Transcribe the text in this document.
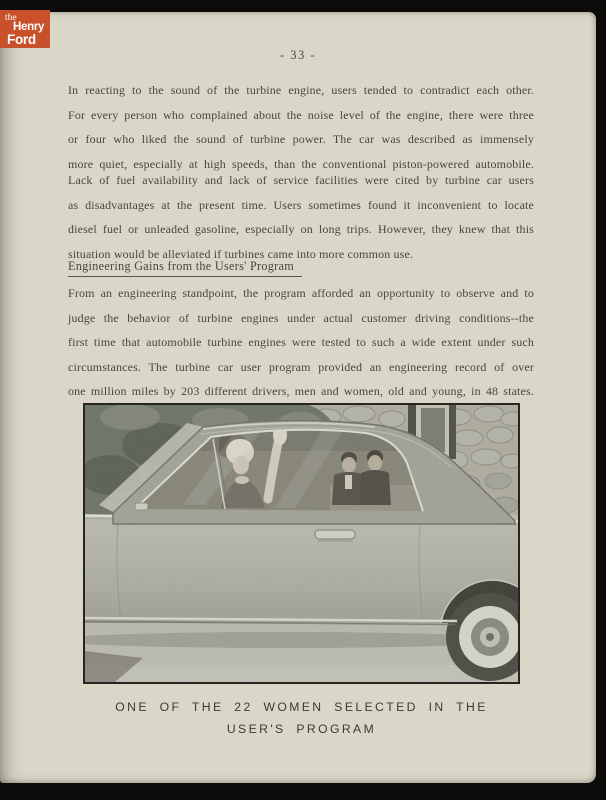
- 33 -
In reacting to the sound of the turbine engine, users tended to contradict each other.
For every person who complained about the noise level of the engine, there were three
or four who liked the sound of turbine power. The car was described as immensely
more quiet, especially at high speeds, than the conventional piston-powered automobile.
Lack of fuel availability and lack of service facilities were cited by turbine car users
as disadvantages at the present time. Users sometimes found it inconvenient to locate
diesel fuel or unleaded gasoline, especially on long trips. However, they knew that this
situation would be alleviated if turbines came into more common use.
Engineering Gains from the Users' Program
From an engineering standpoint, the program afforded an opportunity to observe and to
judge the behavior of turbine engines under actual customer driving conditions--the
first time that automobile turbine engines were tested to such a wide extent under such
circumstances. The turbine car user program provided an engineering record of over
one million miles by 203 different drivers, men and women, old and young, in 48 states.
ONE OF THE 22 WOMEN SELECTED IN THE
USER'S PROGRAM
the
Henry
Ford
